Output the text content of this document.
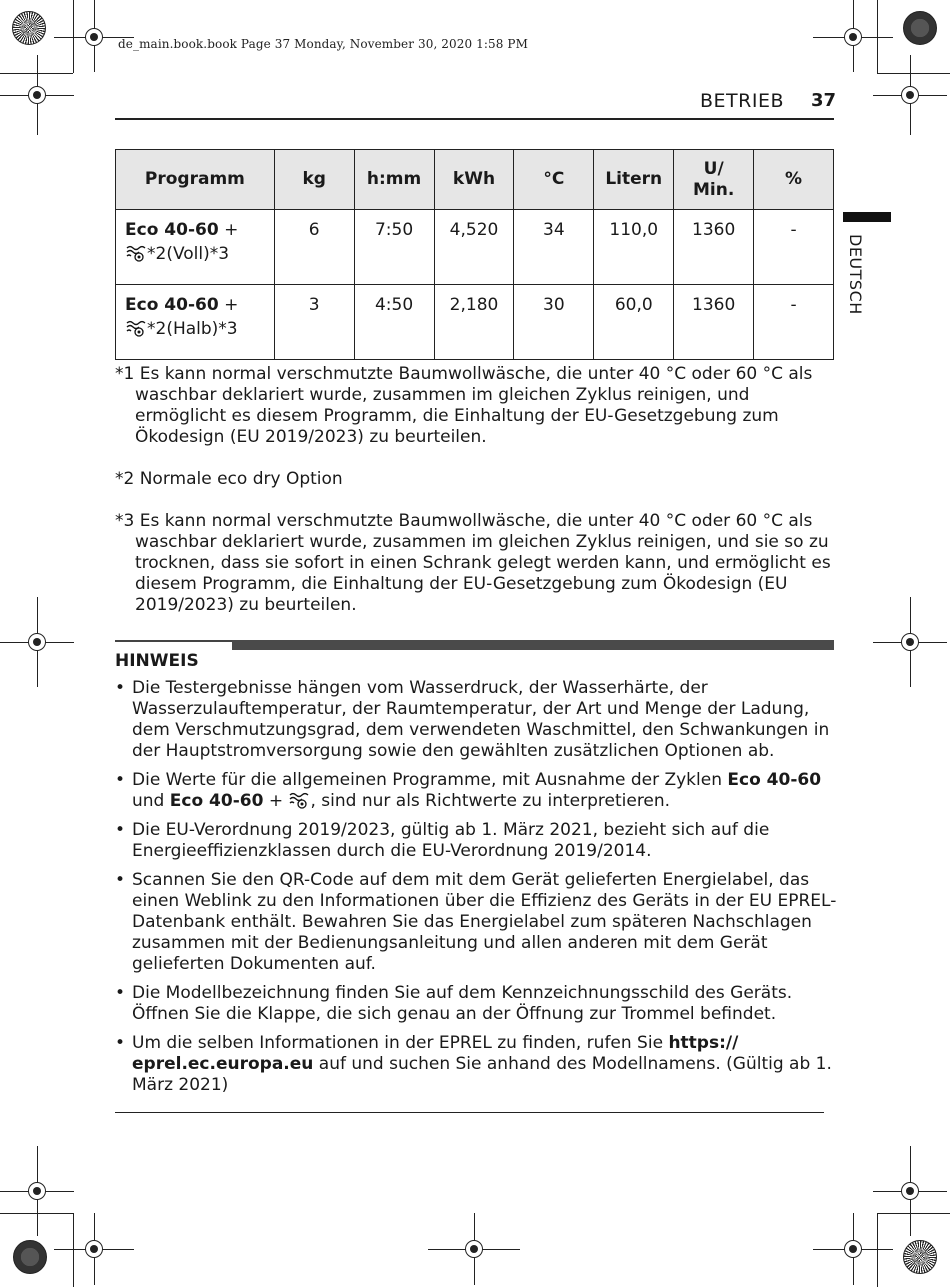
de_main.book.book Page 37 Monday, November 30, 2020 1:58 PM
BETRIEB 37
DEUTSCH
Programm	kg	h:mm	kWh	°C	Litern	U/ Min.	%
Eco 40-60 +
*2(Voll)*3	6	7:50	4,520	34	110,0	1360	-
Eco 40-60 +
*2(Halb)*3	3	4:50	2,180	30	60,0	1360	-
*1 Es kann normal verschmutzte Baumwollwäsche, die unter 40 °C oder 60 °C als waschbar deklariert wurde, zusammen im gleichen Zyklus reinigen, und ermöglicht es diesem Programm, die Einhaltung der EU-Gesetzgebung zum Ökodesign (EU 2019/2023) zu beurteilen.
*2 Normale eco dry Option
*3 Es kann normal verschmutzte Baumwollwäsche, die unter 40 °C oder 60 °C als waschbar deklariert wurde, zusammen im gleichen Zyklus reinigen, und sie so zu trocknen, dass sie sofort in einen Schrank gelegt werden kann, und ermöglicht es diesem Programm, die Einhaltung der EU-Gesetzgebung zum Ökodesign (EU 2019/2023) zu beurteilen.
HINWEIS
• Die Testergebnisse hängen vom Wasserdruck, der Wasserhärte, der Wasserzulauftemperatur, der Raumtemperatur, der Art und Menge der Ladung, dem Verschmutzungsgrad, dem verwendeten Waschmittel, den Schwankungen in der Hauptstromversorgung sowie den gewählten zusätzlichen Optionen ab.
• Die Werte für die allgemeinen Programme, mit Ausnahme der Zyklen Eco 40-60
und Eco 40-60 + , sind nur als Richtwerte zu interpretieren.
• Die EU-Verordnung 2019/2023, gültig ab 1. März 2021, bezieht sich auf die Energieeffizienzklassen durch die EU-Verordnung 2019/2014.
• Scannen Sie den QR-Code auf dem mit dem Gerät gelieferten Energielabel, das einen Weblink zu den Informationen über die Effizienz des Geräts in der EU EPREL-Datenbank enthält. Bewahren Sie das Energielabel zum späteren Nachschlagen zusammen mit der Bedienungsanleitung und allen anderen mit dem Gerät gelieferten Dokumenten auf.
• Die Modellbezeichnung finden Sie auf dem Kennzeichnungsschild des Geräts. Öffnen Sie die Klappe, die sich genau an der Öffnung zur Trommel befindet.
• Um die selben Informationen in der EPREL zu finden, rufen Sie https:// eprel.ec.europa.eu auf und suchen Sie anhand des Modellnamens. (Gültig ab 1. März 2021)
